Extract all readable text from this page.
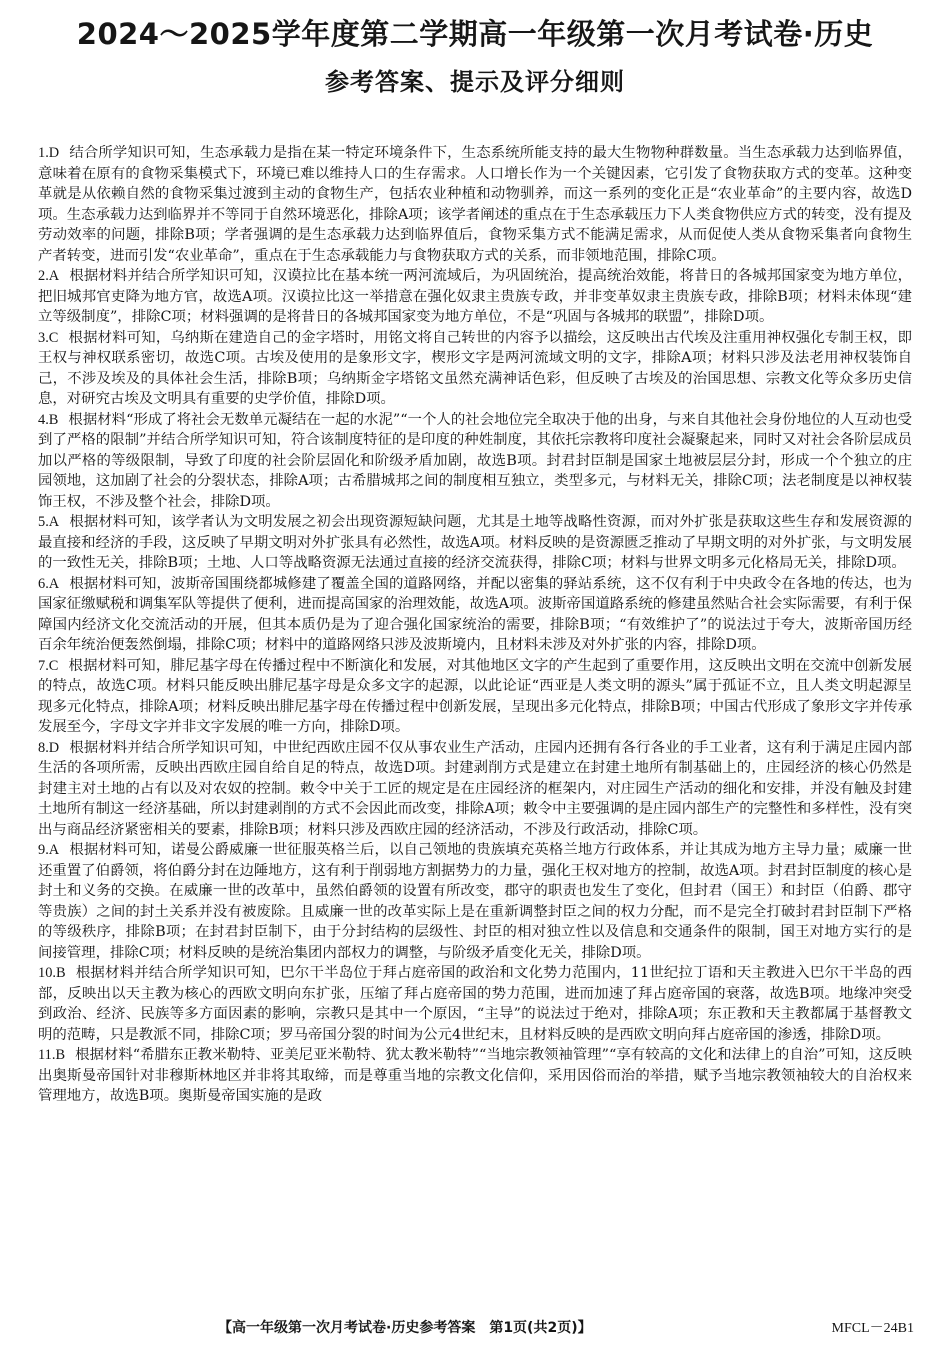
2024～2025学年度第二学期高一年级第一次月考试卷·历史
参考答案、提示及评分细则

1.D 结合所学知识可知，生态承载力是指在某一特定环境条件下，生态系统所能支持的最大生物物种群数量。当生态承载力达到临界值，意味着在原有的食物采集模式下，环境已难以维持人口的生存需求。人口增长作为一个关键因素，它引发了食物获取方式的变革。这种变革就是从依赖自然的食物采集过渡到主动的食物生产，包括农业种植和动物驯养，而这一系列的变化正是“农业革命”的主要内容，故选D项。生态承载力达到临界并不等同于自然环境恶化，排除A项；该学者阐述的重点在于生态承载压力下人类食物供应方式的转变，没有提及劳动效率的问题，排除B项；学者强调的是生态承载力达到临界值后，食物采集方式不能满足需求，从而促使人类从食物采集者向食物生产者转变，进而引发“农业革命”，重点在于生态承载能力与食物获取方式的关系，而非领地范围，排除C项。

2.A 根据材料并结合所学知识可知，汉谟拉比在基本统一两河流域后，为巩固统治，提高统治效能，将昔日的各城邦国家变为地方单位，把旧城邦官吏降为地方官，故选A项。汉谟拉比这一举措意在强化奴隶主贵族专政，并非变革奴隶主贵族专政，排除B项；材料未体现“建立等级制度”，排除C项；材料强调的是将昔日的各城邦国家变为地方单位，不是“巩固与各城邦的联盟”，排除D项。

3.C 根据材料可知，乌纳斯在建造自己的金字塔时，用铭文将自己转世的内容予以描绘，这反映出古代埃及注重用神权强化专制王权，即王权与神权联系密切，故选C项。古埃及使用的是象形文字，楔形文字是两河流域文明的文字，排除A项；材料只涉及法老用神权装饰自己，不涉及埃及的具体社会生活，排除B项；乌纳斯金字塔铭文虽然充满神话色彩，但反映了古埃及的治国思想、宗教文化等众多历史信息，对研究古埃及文明具有重要的史学价值，排除D项。

4.B 根据材料“形成了将社会无数单元凝结在一起的水泥”“一个人的社会地位完全取决于他的出身，与来自其他社会身份地位的人互动也受到了严格的限制”并结合所学知识可知，符合该制度特征的是印度的种姓制度，其依托宗教将印度社会凝聚起来，同时又对社会各阶层成员加以严格的等级限制，导致了印度的社会阶层固化和阶级矛盾加剧，故选B项。封君封臣制是国家土地被层层分封，形成一个个独立的庄园领地，这加剧了社会的分裂状态，排除A项；古希腊城邦之间的制度相互独立，类型多元，与材料无关，排除C项；法老制度是以神权装饰王权，不涉及整个社会，排除D项。

5.A 根据材料可知，该学者认为文明发展之初会出现资源短缺问题，尤其是土地等战略性资源，而对外扩张是获取这些生存和发展资源的最直接和经济的手段，这反映了早期文明对外扩张具有必然性，故选A项。材料反映的是资源匮乏推动了早期文明的对外扩张，与文明发展的一致性无关，排除B项；土地、人口等战略资源无法通过直接的经济交流获得，排除C项；材料与世界文明多元化格局无关，排除D项。

6.A 根据材料可知，波斯帝国围绕都城修建了覆盖全国的道路网络，并配以密集的驿站系统，这不仅有利于中央政令在各地的传达，也为国家征缴赋税和调集军队等提供了便利，进而提高国家的治理效能，故选A项。波斯帝国道路系统的修建虽然贴合社会实际需要，有利于保障国内经济文化交流活动的开展，但其本质仍是为了迎合强化国家统治的需要，排除B项；“有效维护了”的说法过于夸大，波斯帝国历经百余年统治便轰然倒塌，排除C项；材料中的道路网络只涉及波斯境内，且材料未涉及对外扩张的内容，排除D项。

7.C 根据材料可知，腓尼基字母在传播过程中不断演化和发展，对其他地区文字的产生起到了重要作用，这反映出文明在交流中创新发展的特点，故选C项。材料只能反映出腓尼基字母是众多文字的起源，以此论证“西亚是人类文明的源头”属于孤证不立，且人类文明起源呈现多元化特点，排除A项；材料反映出腓尼基字母在传播过程中创新发展，呈现出多元化特点，排除B项；中国古代形成了象形文字并传承发展至今，字母文字并非文字发展的唯一方向，排除D项。

8.D 根据材料并结合所学知识可知，中世纪西欧庄园不仅从事农业生产活动，庄园内还拥有各行各业的手工业者，这有利于满足庄园内部生活的各项所需，反映出西欧庄园自给自足的特点，故选D项。封建剥削方式是建立在封建土地所有制基础上的，庄园经济的核心仍然是封建主对土地的占有以及对农奴的控制。敕令中关于工匠的规定是在庄园经济的框架内，对庄园生产活动的细化和安排，并没有触及封建土地所有制这一经济基础，所以封建剥削的方式不会因此而改变，排除A项；敕令中主要强调的是庄园内部生产的完整性和多样性，没有突出与商品经济紧密相关的要素，排除B项；材料只涉及西欧庄园的经济活动，不涉及行政活动，排除C项。

9.A 根据材料可知，诺曼公爵威廉一世征服英格兰后，以自己领地的贵族填充英格兰地方行政体系，并让其成为地方主导力量；威廉一世还重置了伯爵领，将伯爵分封在边陲地方，这有利于削弱地方割据势力的力量，强化王权对地方的控制，故选A项。封君封臣制度的核心是封土和义务的交换。在威廉一世的改革中，虽然伯爵领的设置有所改变，郡守的职责也发生了变化，但封君（国王）和封臣（伯爵、郡守等贵族）之间的封土关系并没有被废除。且威廉一世的改革实际上是在重新调整封臣之间的权力分配，而不是完全打破封君封臣制下严格的等级秩序，排除B项；在封君封臣制下，由于分封结构的层级性、封臣的相对独立性以及信息和交通条件的限制，国王对地方实行的是间接管理，排除C项；材料反映的是统治集团内部权力的调整，与阶级矛盾变化无关，排除D项。

10.B 根据材料并结合所学知识可知，巴尔干半岛位于拜占庭帝国的政治和文化势力范围内，11世纪拉丁语和天主教进入巴尔干半岛的西部，反映出以天主教为核心的西欧文明向东扩张，压缩了拜占庭帝国的势力范围，进而加速了拜占庭帝国的衰落，故选B项。地缘冲突受到政治、经济、民族等多方面因素的影响，宗教只是其中一个原因，“主导”的说法过于绝对，排除A项；东正教和天主教都属于基督教文明的范畴，只是教派不同，排除C项；罗马帝国分裂的时间为公元4世纪末，且材料反映的是西欧文明向拜占庭帝国的渗透，排除D项。

11.B 根据材料“希腊东正教米勒特、亚美尼亚米勒特、犹太教米勒特”“当地宗教领袖管理”“享有较高的文化和法律上的自治”可知，这反映出奥斯曼帝国针对非穆斯林地区并非将其取缔，而是尊重当地的宗教文化信仰，采用因俗而治的举措，赋予当地宗教领袖较大的自治权来管理地方，故选B项。奥斯曼帝国实施的是政

【高一年级第一次月考试卷·历史参考答案　第1页(共2页)】	MFCL－24B1
